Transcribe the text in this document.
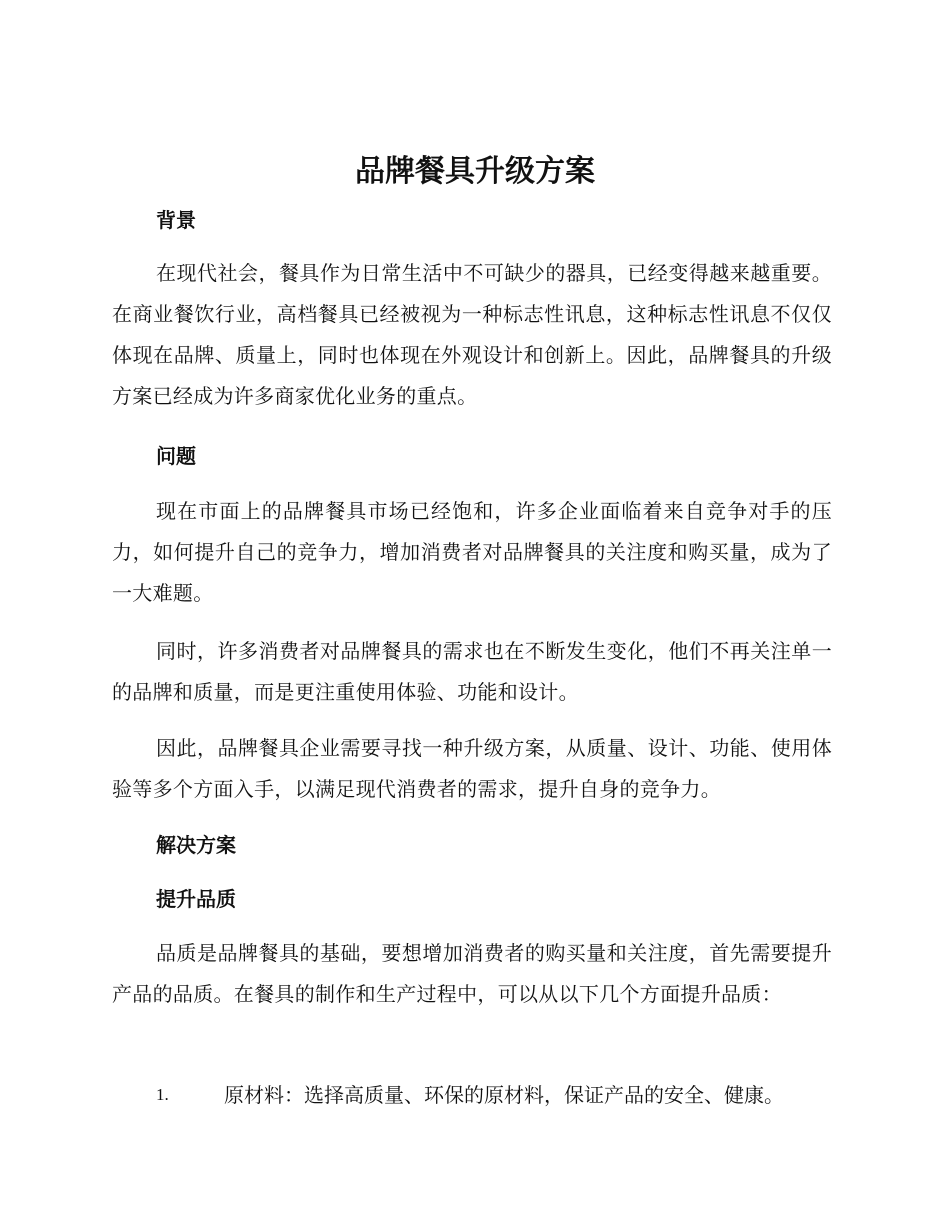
品牌餐具升级方案
背景

在现代社会，餐具作为日常生活中不可缺少的器具，已经变得越来越重要。在商业餐饮行业，高档餐具已经被视为一种标志性讯息，这种标志性讯息不仅仅体现在品牌、质量上，同时也体现在外观设计和创新上。因此，品牌餐具的升级方案已经成为许多商家优化业务的重点。

问题

现在市面上的品牌餐具市场已经饱和，许多企业面临着来自竞争对手的压力，如何提升自己的竞争力，增加消费者对品牌餐具的关注度和购买量，成为了一大难题。

同时，许多消费者对品牌餐具的需求也在不断发生变化，他们不再关注单一的品牌和质量，而是更注重使用体验、功能和设计。

因此，品牌餐具企业需要寻找一种升级方案，从质量、设计、功能、使用体验等多个方面入手，以满足现代消费者的需求，提升自身的竞争力。

解决方案
提升品质

品质是品牌餐具的基础，要想增加消费者的购买量和关注度，首先需要提升产品的品质。在餐具的制作和生产过程中，可以从以下几个方面提升品质：

1.	原材料：选择高质量、环保的原材料，保证产品的安全、健康。
